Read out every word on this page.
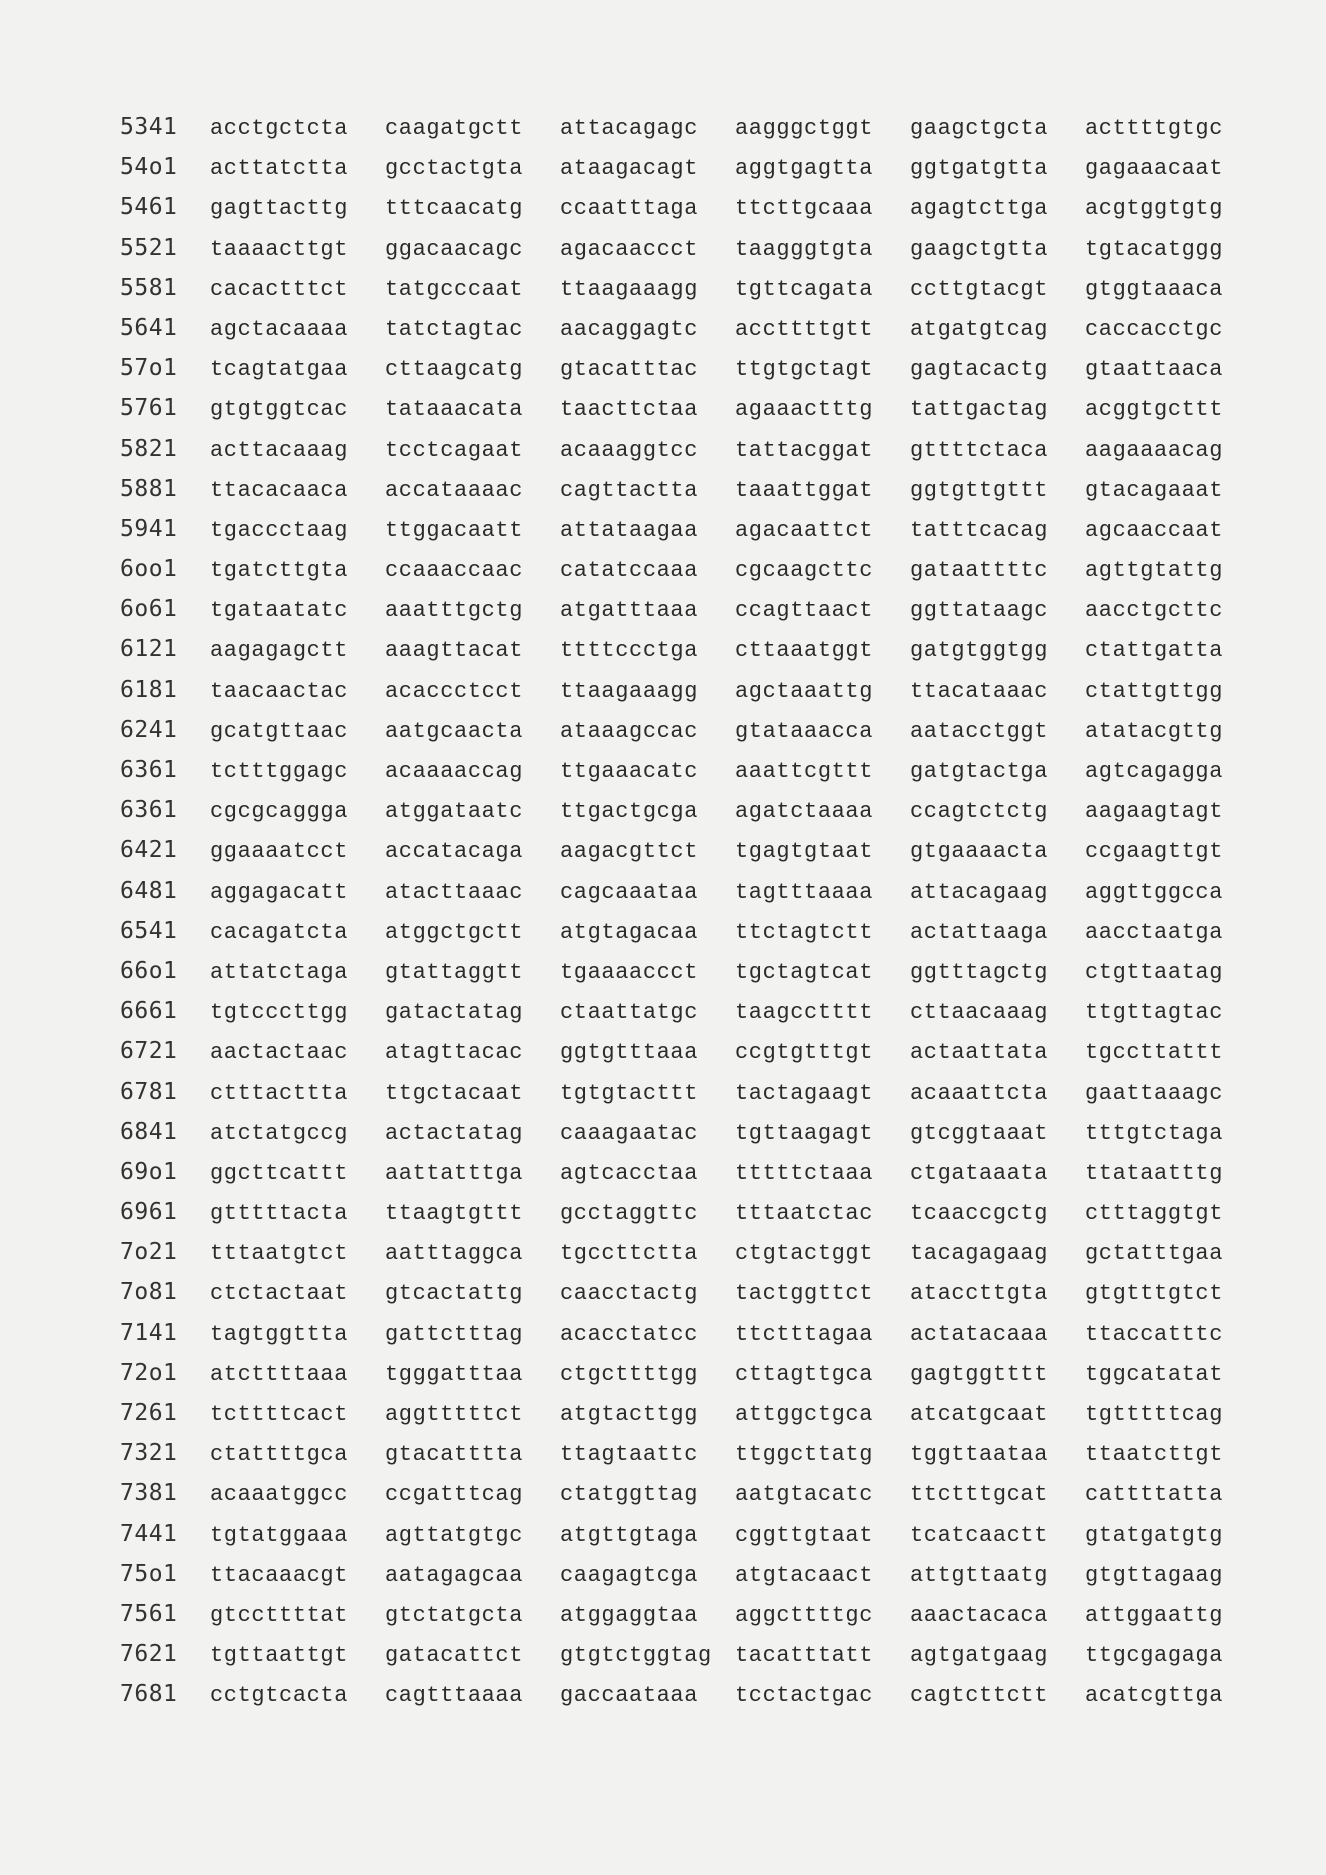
5341	acctgctcta	caagatgctt	attacagagc	aagggctggt	gaagctgcta	acttttgtgc
54o1	acttatctta	gcctactgta	ataagacagt	aggtgagtta	ggtgatgtta	gagaaacaat
5461	gagttacttg	tttcaacatg	ccaatttaga	ttcttgcaaa	agagtcttga	acgtggtgtg
5521	taaaacttgt	ggacaacagc	agacaaccct	taagggtgta	gaagctgtta	tgtacatggg
5581	cacactttct	tatgcccaat	ttaagaaagg	tgttcagata	ccttgtacgt	gtggtaaaca
5641	agctacaaaa	tatctagtac	aacaggagtc	accttttgtt	atgatgtcag	caccacctgc
57o1	tcagtatgaa	cttaagcatg	gtacatttac	ttgtgctagt	gagtacactg	gtaattaaca
5761	gtgtggtcac	tataaacata	taacttctaa	agaaactttg	tattgactag	acggtgcttt
5821	acttacaaag	tcctcagaat	acaaaggtcc	tattacggat	gttttctaca	aagaaaacag
5881	ttacacaaca	accataaaac	cagttactta	taaattggat	ggtgttgttt	gtacagaaat
5941	tgaccctaag	ttggacaatt	attataagaa	agacaattct	tatttcacag	agcaaccaat
6oo1	tgatcttgta	ccaaaccaac	catatccaaa	cgcaagcttc	gataattttc	agttgtattg
6o61	tgataatatc	aaatttgctg	atgatttaaa	ccagttaact	ggttataagc	aacctgcttc
6121	aagagagctt	aaagttacat	ttttccctga	cttaaatggt	gatgtggtgg	ctattgatta
6181	taacaactac	acaccctcct	ttaagaaagg	agctaaattg	ttacataaac	ctattgttgg
6241	gcatgttaac	aatgcaacta	ataaagccac	gtataaacca	aatacctggt	atatacgttg
6361	tctttggagc	acaaaaccag	ttgaaacatc	aaattcgttt	gatgtactga	agtcagagga
6361	cgcgcaggga	atggataatc	ttgactgcga	agatctaaaa	ccagtctctg	aagaagtagt
6421	ggaaaatcct	accatacaga	aagacgttct	tgagtgtaat	gtgaaaacta	ccgaagttgt
6481	aggagacatt	atacttaaac	cagcaaataa	tagtttaaaa	attacagaag	aggttggcca
6541	cacagatcta	atggctgctt	atgtagacaa	ttctagtctt	actattaaga	aacctaatga
66o1	attatctaga	gtattaggtt	tgaaaaccct	tgctagtcat	ggtttagctg	ctgttaatag
6661	tgtcccttgg	gatactatag	ctaattatgc	taagcctttt	cttaacaaag	ttgttagtac
6721	aactactaac	atagttacac	ggtgtttaaa	ccgtgtttgt	actaattata	tgccttattt
6781	ctttacttta	ttgctacaat	tgtgtacttt	tactagaagt	acaaattcta	gaattaaagc
6841	atctatgccg	actactatag	caaagaatac	tgttaagagt	gtcggtaaat	tttgtctaga
69o1	ggcttcattt	aattatttga	agtcacctaa	tttttctaaa	ctgataaata	ttataatttg
6961	gtttttacta	ttaagtgttt	gcctaggttc	tttaatctac	tcaaccgctg	ctttaggtgt
7o21	tttaatgtct	aatttaggca	tgccttctta	ctgtactggt	tacagagaag	gctatttgaa
7o81	ctctactaat	gtcactattg	caacctactg	tactggttct	ataccttgta	gtgtttgtct
7141	tagtggttta	gattctttag	acacctatcc	ttctttagaa	actatacaaa	ttaccatttc
72o1	atcttttaaa	tgggatttaa	ctgcttttgg	cttagttgca	gagtggtttt	tggcatatat
7261	tcttttcact	aggtttttct	atgtacttgg	attggctgca	atcatgcaat	tgtttttcag
7321	ctattttgca	gtacatttta	ttagtaattc	ttggcttatg	tggttaataa	ttaatcttgt
7381	acaaatggcc	ccgatttcag	ctatggttag	aatgtacatc	ttctttgcat	cattttatta
7441	tgtatggaaa	agttatgtgc	atgttgtaga	cggttgtaat	tcatcaactt	gtatgatgtg
75o1	ttacaaacgt	aatagagcaa	caagagtcga	atgtacaact	attgttaatg	gtgttagaag
7561	gtccttttat	gtctatgcta	atggaggtaa	aggcttttgc	aaactacaca	attggaattg
7621	tgttaattgt	gatacattct	gtgtctggtag	tacatttatt	agtgatgaag	ttgcgagaga
7681	cctgtcacta	cagtttaaaa	gaccaataaa	tcctactgac	cagtcttctt	acatcgttga
